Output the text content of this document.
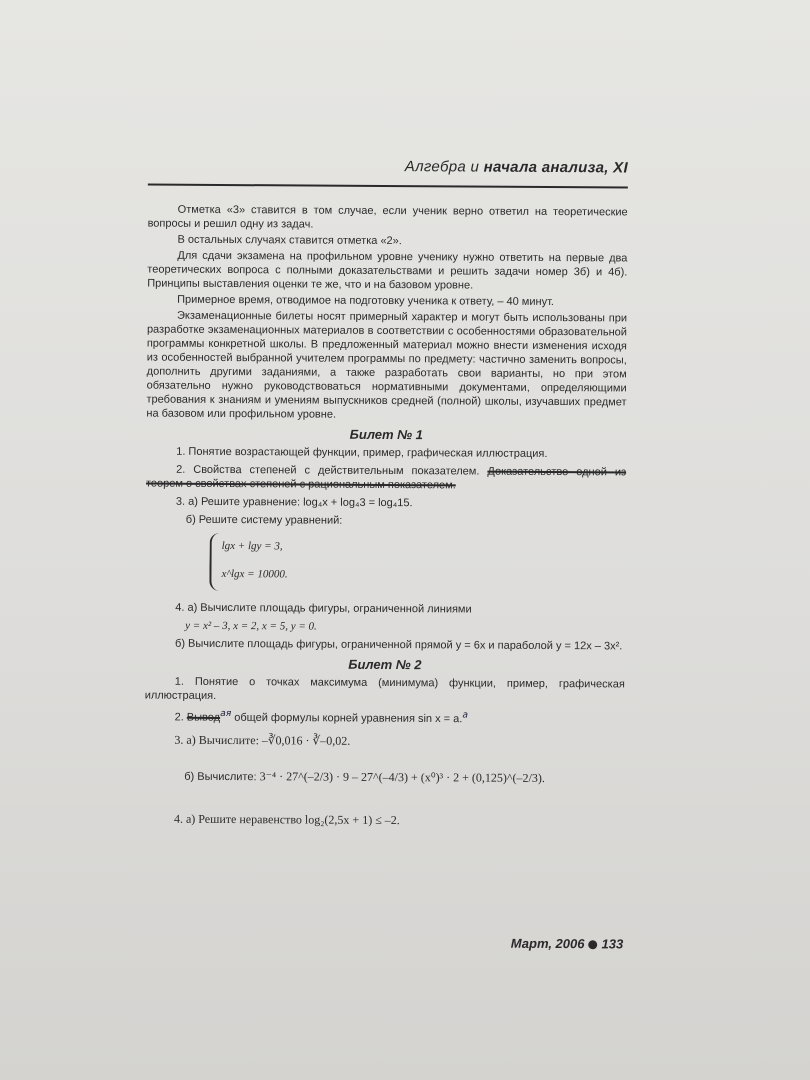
Алгебра и начала анализа, XI

Отметка «3» ставится в том случае, если ученик верно ответил на теоретические вопросы и решил одну из задач.

В остальных случаях ставится отметка «2».

Для сдачи экзамена на профильном уровне ученику нужно ответить на первые два теоретических вопроса с полными доказательствами и решить задачи номер 3б) и 4б). Принципы выставления оценки те же, что и на базовом уровне.

Примерное время, отводимое на подготовку ученика к ответу, – 40 минут.

Экзаменационные билеты носят примерный характер и могут быть использованы при разработке экзаменационных материалов в соответствии с особенностями образовательной программы конкретной школы. В предложенный материал можно внести изменения исходя из особенностей выбранной учителем программы по предмету: частично заменить вопросы, дополнить другими заданиями, а также разработать свои варианты, но при этом обязательно нужно руководствоваться нормативными документами, определяющими требования к знаниям и умениям выпускников средней (полной) школы, изучавших предмет на базовом или профильном уровне.

Билет № 1
1. Понятие возрастающей функции, пример, графическая иллюстрация.
2. Свойства степеней с действительным показателем. Доказательство одной из теорем о свойствах степеней с рациональным показателем.
3. а) Решите уравнение: log₄x + log₄3 = log₄15.
б) Решите систему уравнений:
lgx + lgy = 3,
x^lgx = 10000.
4. а) Вычислите площадь фигуры, ограниченной линиями
y = x² – 3, x = 2, x = 5, y = 0.
б) Вычислите площадь фигуры, ограниченной прямой y = 6x и параболой y = 12x – 3x².
Билет № 2
1. Понятие о точках максимума (минимума) функции, пример, графическая иллюстрация.
2. Вывод$^{ая}$ общей формулы корней уравнения sin x = a.$^а$
3. а) Вычислите: –∛0,016 · ∛–0,02.
б) Вычислите: 3⁻⁴ · 27^(–2/3) · 9 – 27^(–4/3) + (x⁰)³ · 2 + (0,125)^(–2/3).
4. а) Решите неравенство log₂(2,5x + 1) ≤ –2.
Март, 2006 133
